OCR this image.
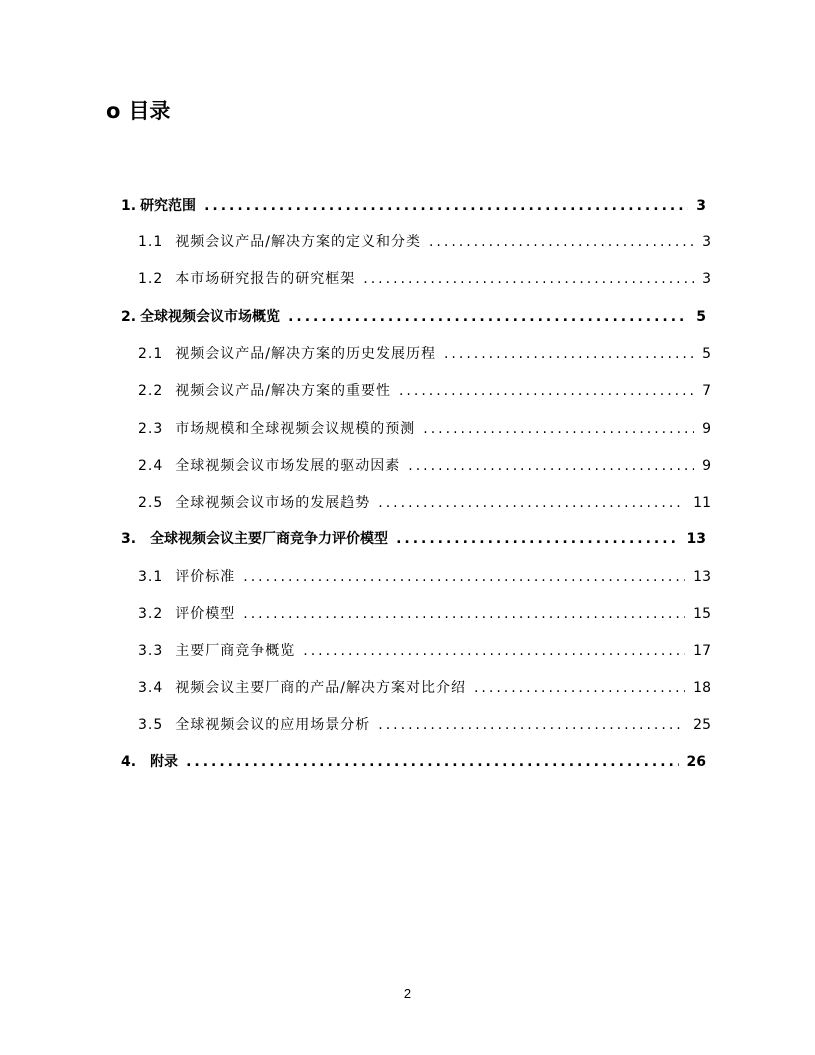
o 目录
1. 研究范围 .....	3
1.1 视频会议产品/解决方案的定义和分类 .....	3
1.2 本市场研究报告的研究框架 .....	3
2. 全球视频会议市场概览 .....	5
2.1 视频会议产品/解决方案的历史发展历程 .....	5
2.2 视频会议产品/解决方案的重要性 .....	7
2.3 市场规模和全球视频会议规模的预测 .....	9
2.4 全球视频会议市场发展的驱动因素 .....	9
2.5 全球视频会议市场的发展趋势 .....	11
3. 全球视频会议主要厂商竞争力评价模型 .....	13
3.1 评价标准 .....	13
3.2 评价模型 .....	15
3.3 主要厂商竞争概览 .....	17
3.4 视频会议主要厂商的产品/解决方案对比介绍 .....	18
3.5 全球视频会议的应用场景分析 .....	25
4. 附录 .....	26
2
